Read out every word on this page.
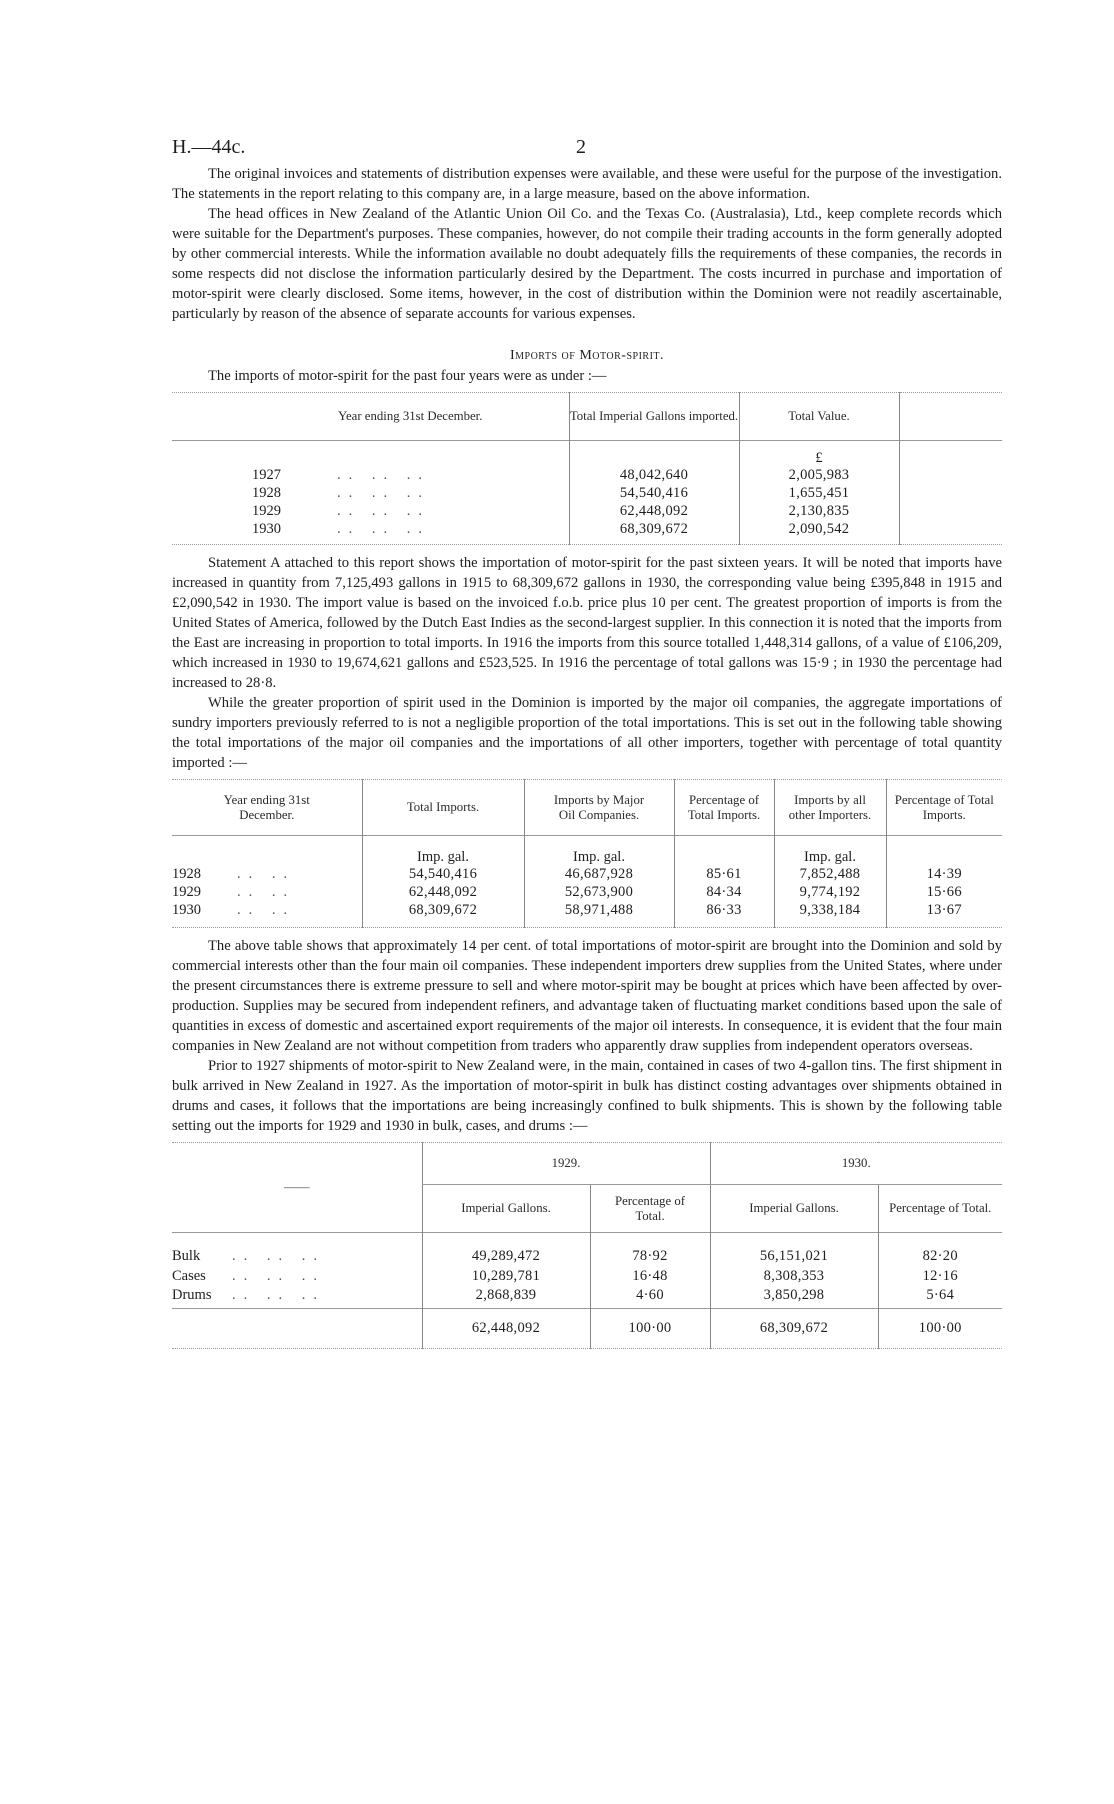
H.—44c.	2

The original invoices and statements of distribution expenses were available, and these were useful for the purpose of the investigation. The statements in the report relating to this company are, in a large measure, based on the above information.

The head offices in New Zealand of the Atlantic Union Oil Co. and the Texas Co. (Australasia), Ltd., keep complete records which were suitable for the Department's purposes. These companies, however, do not compile their trading accounts in the form generally adopted by other commercial interests. While the information available no doubt adequately fills the requirements of these companies, the records in some respects did not disclose the information particularly desired by the Department. The costs incurred in purchase and importation of motor-spirit were clearly disclosed. Some items, however, in the cost of distribution within the Dominion were not readily ascertainable, particularly by reason of the absence of separate accounts for various expenses.

Imports of Motor-spirit.
The imports of motor-spirit for the past four years were as under :—
Year ending 31st December.	Total Imperial Gallons imported.	Total Value.	
		£	
1927 .. .. ..	48,042,640	2,005,983	
1928 .. .. ..	54,540,416	1,655,451	
1929 .. .. ..	62,448,092	2,130,835	
1930 .. .. ..	68,309,672	2,090,542	

Statement A attached to this report shows the importation of motor-spirit for the past sixteen years. It will be noted that imports have increased in quantity from 7,125,493 gallons in 1915 to 68,309,672 gallons in 1930, the corresponding value being £395,848 in 1915 and £2,090,542 in 1930. The import value is based on the invoiced f.o.b. price plus 10 per cent. The greatest proportion of imports is from the United States of America, followed by the Dutch East Indies as the second-largest supplier. In this connection it is noted that the imports from the East are increasing in proportion to total imports. In 1916 the imports from this source totalled 1,448,314 gallons, of a value of £106,209, which increased in 1930 to 19,674,621 gallons and £523,525. In 1916 the percentage of total gallons was 15·9 ; in 1930 the percentage had increased to 28·8.

While the greater proportion of spirit used in the Dominion is imported by the major oil companies, the aggregate importations of sundry importers previously referred to is not a negligible proportion of the total importations. This is set out in the following table showing the total importations of the major oil companies and the importations of all other importers, together with percentage of total quantity imported :—

Year ending 31st December.	Total Imports.	Imports by Major Oil Companies.	Percentage of Total Imports.	Imports by all other Importers.	Percentage of Total Imports.
	Imp. gal.	Imp. gal.		Imp. gal.	
1928 .. ..	54,540,416	46,687,928	85·61	7,852,488	14·39
1929 .. ..	62,448,092	52,673,900	84·34	9,774,192	15·66
1930 .. ..	68,309,672	58,971,488	86·33	9,338,184	13·67

The above table shows that approximately 14 per cent. of total importations of motor-spirit are brought into the Dominion and sold by commercial interests other than the four main oil companies. These independent importers drew supplies from the United States, where under the present circumstances there is extreme pressure to sell and where motor-spirit may be bought at prices which have been affected by over-production. Supplies may be secured from independent refiners, and advantage taken of fluctuating market conditions based upon the sale of quantities in excess of domestic and ascertained export requirements of the major oil interests. In consequence, it is evident that the four main companies in New Zealand are not without competition from traders who apparently draw supplies from independent operators overseas.

Prior to 1927 shipments of motor-spirit to New Zealand were, in the main, contained in cases of two 4-gallon tins. The first shipment in bulk arrived in New Zealand in 1927. As the importation of motor-spirit in bulk has distinct costing advantages over shipments obtained in drums and cases, it follows that the importations are being increasingly confined to bulk shipments. This is shown by the following table setting out the imports for 1929 and 1930 in bulk, cases, and drums :—

——	1929.		1930.	
	Imperial Gallons.	Percentage of Total.	Imperial Gallons.	Percentage of Total.

Bulk .. .. ..	49,289,472	78·92	56,151,021	82·20
Cases .. .. ..	10,289,781	16·48	8,308,353	12·16
Drums .. .. ..	2,868,839	4·60	3,850,298	5·64
	62,448,092	100·00	68,309,672	100·00
